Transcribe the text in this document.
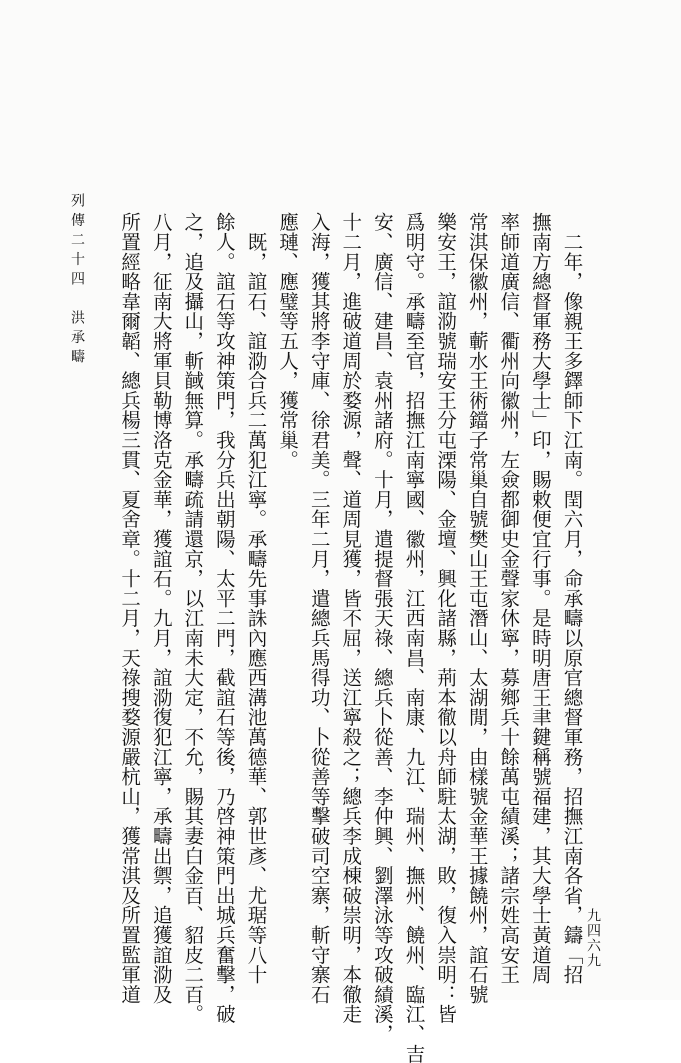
　二年，像親王多鐸師下江南。閏六月，命承疇以原官總督軍務，招撫江南各省，鑄「招
撫南方總督軍務大學士」印，賜敕便宜行事。是時明唐王聿鍵稱號福建，其大學士黃道周
率師道廣信、衢州向徽州，左僉都御史金聲家休寧，募鄉兵十餘萬屯績溪；諸宗姓高安王
常淇保徽州，蘄水王術鐺子常巢自號樊山王屯潛山、太湖閒，由樣號金華王據饒州，誼石號
樂安王，誼泐號瑞安王分屯溧陽、金壇、興化諸縣，荊本徹以舟師駐太湖，敗，復入崇明：皆
爲明守。承疇至官，招撫江南寧國、徽州，江西南昌、南康、九江、瑞州、撫州、饒州、臨江、吉
安、廣信、建昌、袁州諸府。十月，遣提督張天祿、總兵卜從善、李仲興、劉澤泳等攻破績溪，
十二月，進破道周於婺源，聲、道周見獲，皆不屈，送江寧殺之；總兵李成棟破崇明，本徹走
入海，獲其將李守庫、徐君美。三年二月，遣總兵馬得功、卜從善等擊破司空寨，斬守寨石
應璉、應璧等五人，獲常巢。
　既，誼石、誼泐合兵二萬犯江寧。承疇先事誅內應西溝池萬德華、郭世彥、尤琚等八十
餘人。誼石等攻神策門，我分兵出朝陽、太平二門，截誼石等後，乃啓神策門出城兵奮擊，破
之，追及攝山，斬馘無算。承疇疏請還京，以江南未大定，不允，賜其妻白金百、貂皮二百。
八月，征南大將軍貝勒博洛克金華，獲誼石。九月，誼泐復犯江寧，承疇出禦，追獲誼泐及
所置經略韋爾韜、總兵楊三貫、夏舍章。十二月，天祿搜婺源嚴杭山，獲常淇及所置監軍道
列傳二十四　洪承疇
九四六九
